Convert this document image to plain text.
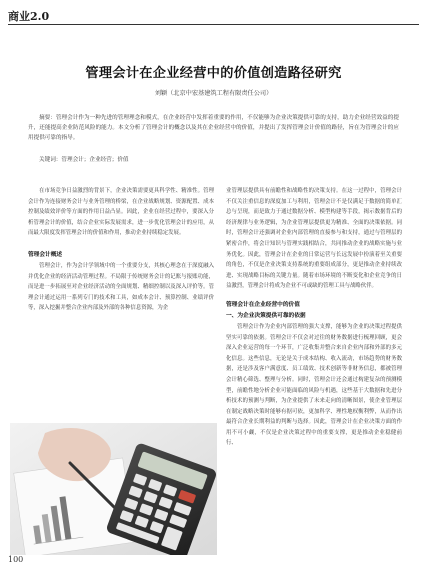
商业2.0
管理会计在企业经营中的价值创造路径研究
刘颖（北京中宏基建筑工程有限责任公司）
摘要：管理会计作为一种先进的管理理念和模式，在企业经营中发挥着重要的作用，不仅能够为企业决策提供可靠的支持，助力企业经营效益的提升，还能提高企业防范风险的能力。本文分析了管理会计的概念以及其在企业经营中的价值，并提出了发挥管理会计价值的路径，旨在为管理会计的应用提供可靠的指导。
关键词：管理会计；企业经营；价值

在市场竞争日益激烈的背景下，企业决策需要更具科学性、精准性。管理会计作为连接财务会计与业务管理的桥梁，在企业战略规划、资源配置、成本控制及绩效评价等方面的作用日益凸显。因此，企业在经营过程中，要深入分析管理会计的价值，结合企业实际发展需求，进一步优化管理会计的应用，从而最大限度发挥管理会计的价值和作用，推动企业持续稳定发展。

管理会计概述

管理会计，作为会计学领域中的一个重要分支，其核心理念在于深度融入并优化企业的经济活动管理过程。不局限于传统财务会计的记账与报账功能，而是进一步拓展至对企业经济活动的全面规划、精细控制以及深入评价等。管理会计通过运用一系列专门的技术和工具，如成本会计、预算控制、业绩评价等，深入挖掘并整合企业内部及外部的各种信息资源，为企

业管理层提供具有前瞻性和战略性的决策支持。在这一过程中，管理会计不仅关注重信息的深度加工与利用，管理会计不是仅满足于数据的简单汇总与呈现，而是致力于通过数据分析、模型构建等手段，揭示数据背后的经济规律与业务逻辑，为企业管理层提供更为精准、全面的决策依据。同时，管理会计还强调对企业内部管理的直接参与和支持，通过与管理层的紧密合作，将会计知识与管理实践相结合，共同推动企业的战略实施与业务优化。因此，管理会计在企业的日常运营与长远发展中扮演着至关重要的角色，不仅是企业决策支持系统的重要组成部分，更是推动企业持续改进、实现战略目标的关键力量。随着市场环境的不断变化和企业竞争的日益激烈，管理会计将成为企业不可或缺的管理工具与战略伙伴。

管理会计在企业经营中的价值
一、为企业决策提供可靠的依据

管理会计作为企业内部管理的强大支撑，能够为企业的决策过程提供坚实可靠的依据。管理会计不仅会对过往的财务数据进行梳理回顾，更会深入企业运营的每一个环节，广泛收集并整合来自企业内部和外部的多元化信息。这些信息，无论是关于成本结构、收入流动，市场趋势的财务数据，还是涉及客户满意度、员工绩效、技术创新等非财务信息，都被管理会计精心筛选、整理与分析。同时，管理会计还会通过构建复杂的预测模型，前瞻性地分析企业可能面临的风险与机遇，这些基于大数据和先进分析技术的预测与判断，为企业提供了未来走向的清晰图景，使企业管理层在制定战略决策时能够有据可依，更加科学、理性地权衡利弊，从而作出最符合企业长期利益的判断与选择。因此，管理会计在企业决策方面的作用不可小觑，不仅是企业决策过程中的重要支撑，更是推动企业稳健前行、

100
